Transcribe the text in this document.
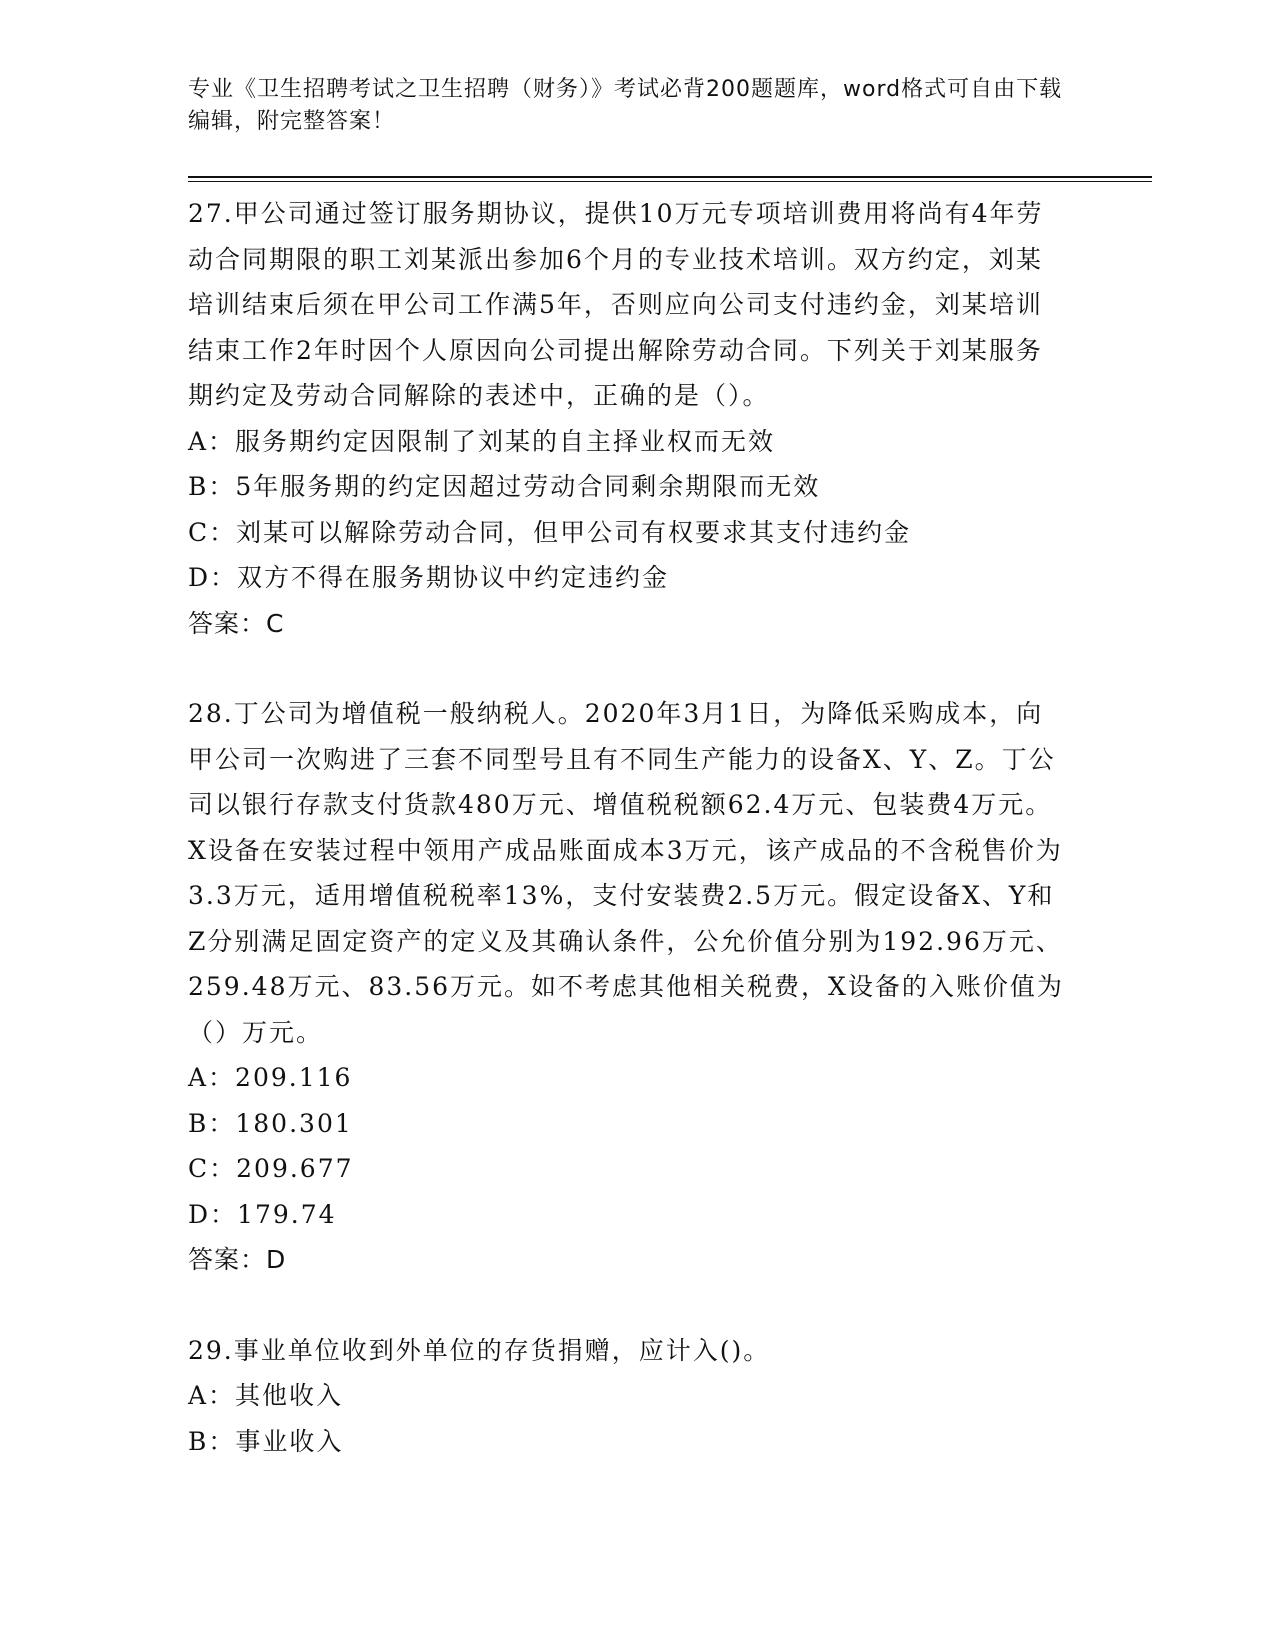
专业《卫生招聘考试之卫生招聘（财务）》考试必背200题题库，word格式可自由下载编辑，附完整答案！

27.甲公司通过签订服务期协议，提供10万元专项培训费用将尚有4年劳动合同期限的职工刘某派出参加6个月的专业技术培训。双方约定，刘某培训结束后须在甲公司工作满5年，否则应向公司支付违约金，刘某培训结束工作2年时因个人原因向公司提出解除劳动合同。下列关于刘某服务期约定及劳动合同解除的表述中，正确的是（）。

A：服务期约定因限制了刘某的自主择业权而无效

B：5年服务期的约定因超过劳动合同剩余期限而无效

C：刘某可以解除劳动合同，但甲公司有权要求其支付违约金

D：双方不得在服务期协议中约定违约金

答案：C

28.丁公司为增值税一般纳税人。2020年3月1日，为降低采购成本，向甲公司一次购进了三套不同型号且有不同生产能力的设备X、Y、Z。丁公司以银行存款支付货款480万元、增值税税额62.4万元、包装费4万元。X设备在安装过程中领用产成品账面成本3万元，该产成品的不含税售价为3.3万元，适用增值税税率13%，支付安装费2.5万元。假定设备X、Y和Z分别满足固定资产的定义及其确认条件，公允价值分别为192.96万元、259.48万元、83.56万元。如不考虑其他相关税费，X设备的入账价值为（）万元。

A：209.116

B：180.301

C：209.677

D：179.74

答案：D

29.事业单位收到外单位的存货捐赠，应计入()。

A：其他收入

B：事业收入
